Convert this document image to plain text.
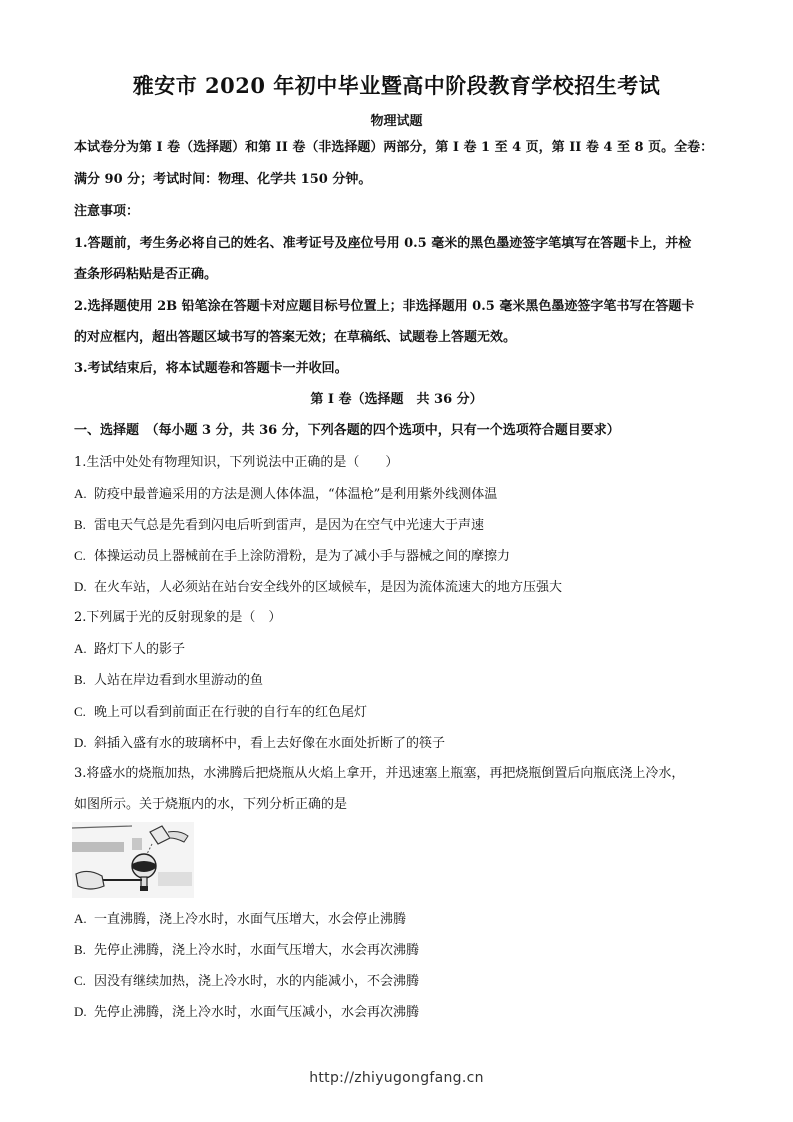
雅安市 2020 年初中毕业暨高中阶段教育学校招生考试
物理试题
本试卷分为第 I 卷（选择题）和第 II 卷（非选择题）两部分，第 I 卷 1 至 4 页，第 II 卷 4 至 8 页。全卷：
满分 90 分；考试时间：物理、化学共 150 分钟。
注意事项：
1.答题前，考生务必将自己的姓名、准考证号及座位号用 0.5 毫米的黑色墨迹签字笔填写在答题卡上，并检
查条形码粘贴是否正确。
2.选择题使用 2B 铅笔涂在答题卡对应题目标号位置上；非选择题用 0.5 毫米黑色墨迹签字笔书写在答题卡
的对应框内，超出答题区域书写的答案无效；在草稿纸、试题卷上答题无效。
3.考试结束后，将本试题卷和答题卡一并收回。
第 I 卷（选择题　共 36 分）
一、选择题　（每小题 3 分，共 36 分，下列各题的四个选项中，只有一个选项符合题目要求）
1.生活中处处有物理知识，下列说法中正确的是（　　）
A. 防疫中最普遍采用的方法是测人体体温，“体温枪”是利用紫外线测体温
B. 雷电天气总是先看到闪电后听到雷声，是因为在空气中光速大于声速
C. 体操运动员上器械前在手上涂防滑粉，是为了减小手与器械之间的摩擦力
D. 在火车站，人必须站在站台安全线外的区域候车，是因为流体流速大的地方压强大
2.下列属于光的反射现象的是（　）
A. 路灯下人的影子
B. 人站在岸边看到水里游动的鱼
C. 晚上可以看到前面正在行驶的自行车的红色尾灯
D. 斜插入盛有水的玻璃杯中，看上去好像在水面处折断了的筷子
3.将盛水的烧瓶加热，水沸腾后把烧瓶从火焰上拿开，并迅速塞上瓶塞，再把烧瓶倒置后向瓶底浇上冷水，
如图所示。关于烧瓶内的水，下列分析正确的是
A. 一直沸腾，浇上冷水时，水面气压增大，水会停止沸腾
B. 先停止沸腾，浇上冷水时，水面气压增大，水会再次沸腾
C. 因没有继续加热，浇上冷水时，水的内能减小，不会沸腾
D. 先停止沸腾，浇上冷水时，水面气压减小，水会再次沸腾
http://zhiyugongfang.cn
